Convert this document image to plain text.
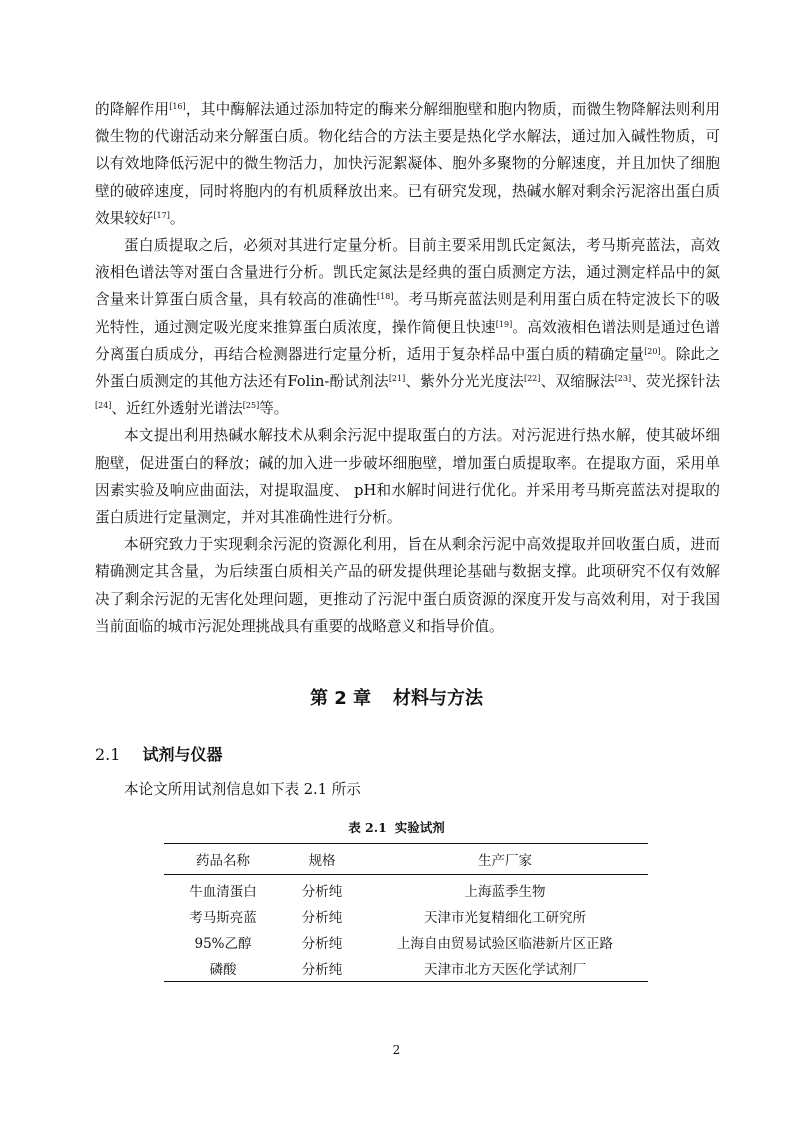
的降解作用[16]，其中酶解法通过添加特定的酶来分解细胞壁和胞内物质，而微生物降解法则利用微生物的代谢活动来分解蛋白质。物化结合的方法主要是热化学水解法，通过加入碱性物质，可以有效地降低污泥中的微生物活力，加快污泥絮凝体、胞外多聚物的分解速度，并且加快了细胞壁的破碎速度，同时将胞内的有机质释放出来。已有研究发现，热碱水解对剩余污泥溶出蛋白质效果较好[17]。

蛋白质提取之后，必须对其进行定量分析。目前主要采用凯氏定氮法，考马斯亮蓝法，高效液相色谱法等对蛋白含量进行分析。凯氏定氮法是经典的蛋白质测定方法，通过测定样品中的氮含量来计算蛋白质含量，具有较高的准确性[18]。考马斯亮蓝法则是利用蛋白质在特定波长下的吸光特性，通过测定吸光度来推算蛋白质浓度，操作简便且快速[19]。高效液相色谱法则是通过色谱分离蛋白质成分，再结合检测器进行定量分析，适用于复杂样品中蛋白质的精确定量[20]。除此之外蛋白质测定的其他方法还有Folin-酚试剂法[21]、紫外分光光度法[22]、双缩脲法[23]、荧光探针法[24]、近红外透射光谱法[25]等。

本文提出利用热碱水解技术从剩余污泥中提取蛋白的方法。对污泥进行热水解，使其破坏细胞壁，促进蛋白的释放；碱的加入进一步破坏细胞壁，增加蛋白质提取率。在提取方面，采用单因素实验及响应曲面法，对提取温度、 pH和水解时间进行优化。并采用考马斯亮蓝法对提取的蛋白质进行定量测定，并对其准确性进行分析。

本研究致力于实现剩余污泥的资源化利用，旨在从剩余污泥中高效提取并回收蛋白质，进而精确测定其含量，为后续蛋白质相关产品的研发提供理论基础与数据支撑。此项研究不仅有效解决了剩余污泥的无害化处理问题，更推动了污泥中蛋白质资源的深度开发与高效利用，对于我国当前面临的城市污泥处理挑战具有重要的战略意义和指导价值。

第 2 章 材料与方法
2.1 试剂与仪器
本论文所用试剂信息如下表 2.1 所示
表 2.1 实验试剂
药品名称	规格	生产厂家
牛血清蛋白	分析纯	上海蓝季生物
考马斯亮蓝	分析纯	天津市光复精细化工研究所
95%乙醇	分析纯	上海自由贸易试验区临港新片区正路
磷酸	分析纯	天津市北方天医化学试剂厂
2
